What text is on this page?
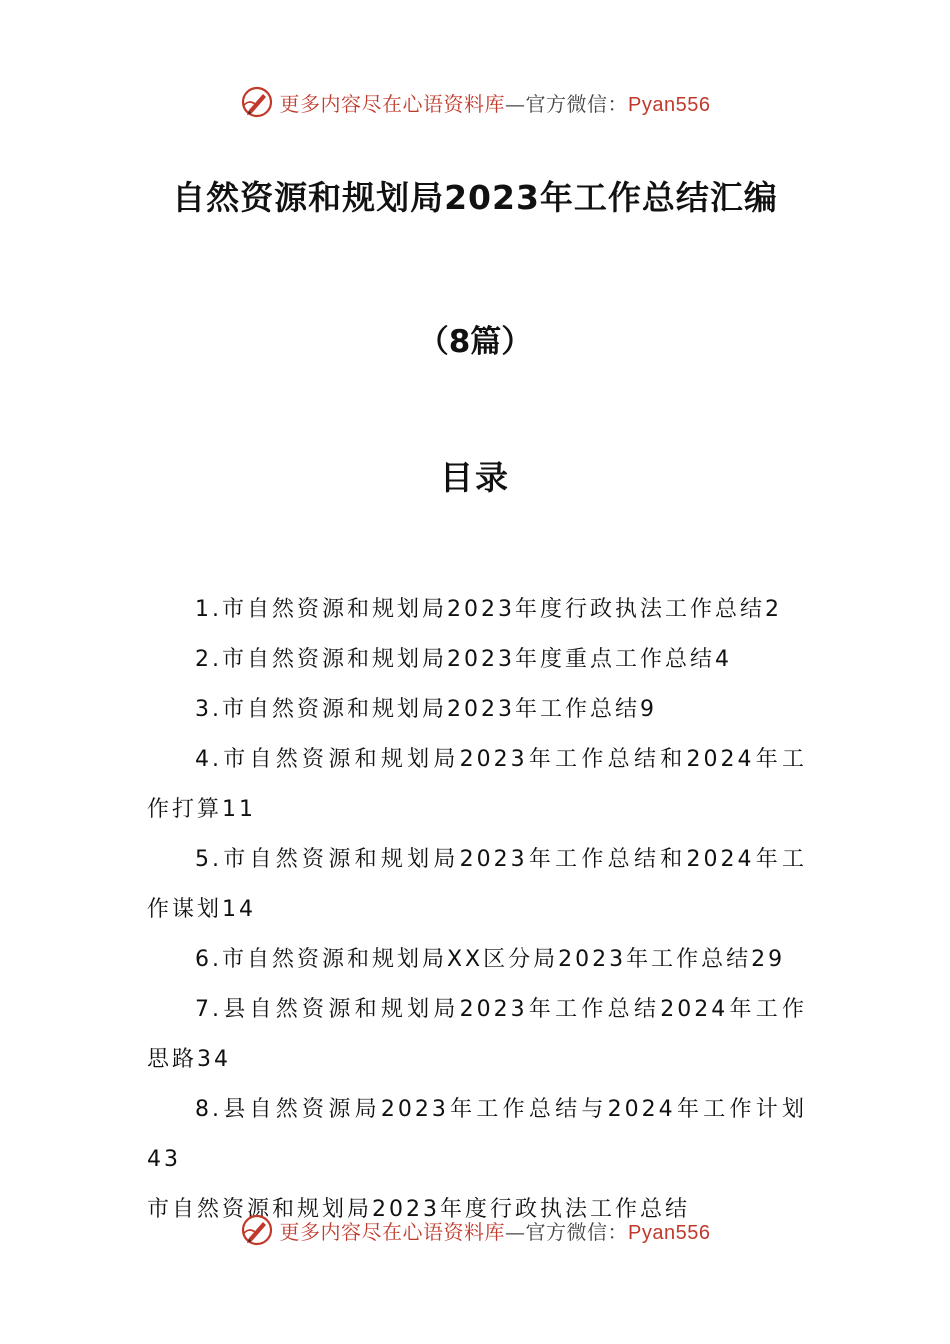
更多内容尽在心语资料库—官方微信：Pyan556
自然资源和规划局2023年工作总结汇编
（8篇）
目录

1.市自然资源和规划局2023年度行政执法工作总结2

2.市自然资源和规划局2023年度重点工作总结4

3.市自然资源和规划局2023年工作总结9

4.市自然资源和规划局2023年工作总结和2024年工作打算11

5.市自然资源和规划局2023年工作总结和2024年工作谋划14

6.市自然资源和规划局XX区分局2023年工作总结29

7.县自然资源和规划局2023年工作总结2024年工作思路34

8.县自然资源局2023年工作总结与2024年工作计划43

市自然资源和规划局2023年度行政执法工作总结

更多内容尽在心语资料库—官方微信：Pyan556
